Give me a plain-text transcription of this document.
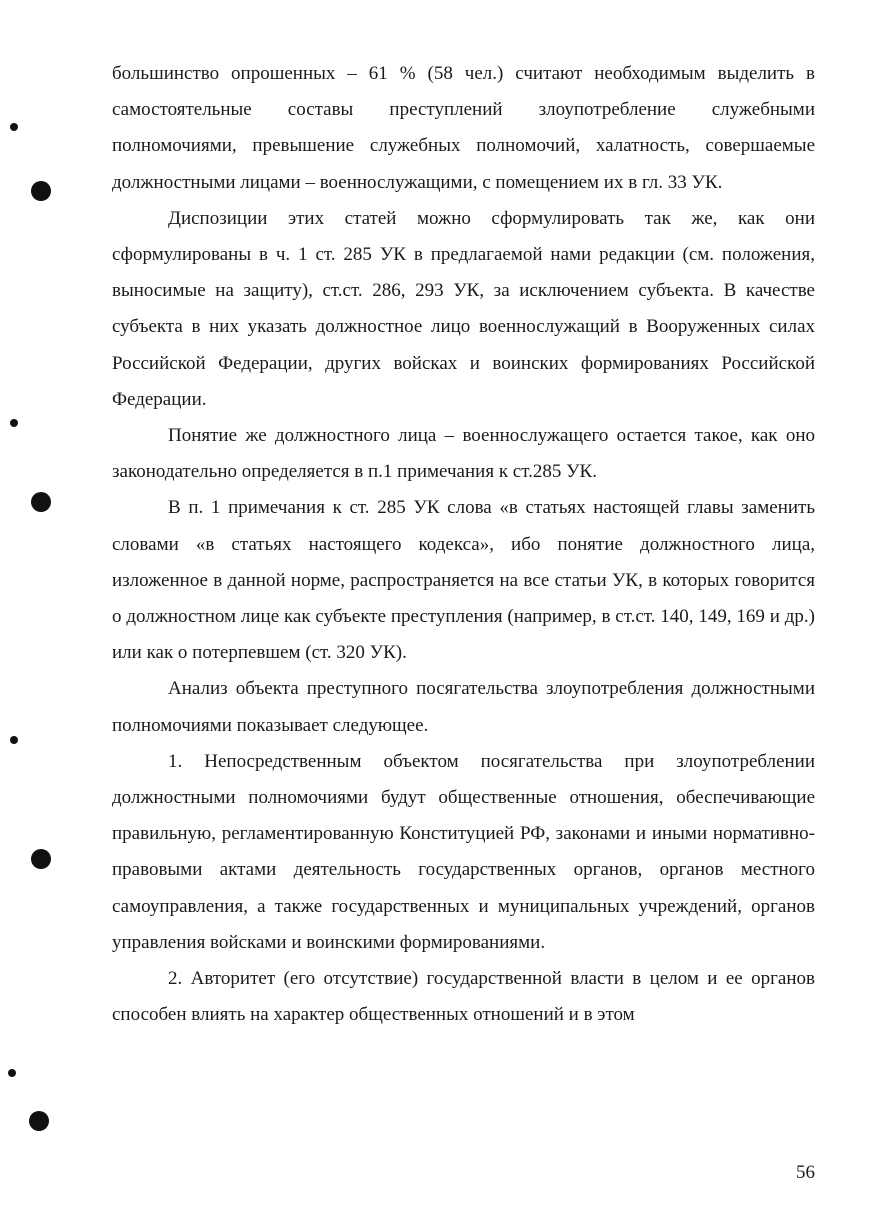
большинство опрошенных – 61 % (58 чел.) считают необходимым выделить в самостоятельные составы преступлений злоупотребление служебными полномочиями, превышение служебных полномочий, халатность, совершаемые должностными лицами – военнослужащими, с помещением их в гл. 33 УК.

Диспозиции этих статей можно сформулировать так же, как они сформулированы в ч. 1 ст. 285 УК в предлагаемой нами редакции (см. положения, выносимые на защиту), ст.ст. 286, 293 УК, за исключением субъекта. В качестве субъекта в них указать должностное лицо военнослужащий в Вооруженных силах Российской Федерации, других войсках и воинских формированиях Российской Федерации.

Понятие же должностного лица – военнослужащего остается такое, как оно законодательно определяется в п.1 примечания к ст.285 УК.

В п. 1 примечания к ст. 285 УК слова «в статьях настоящей главы заменить словами «в статьях настоящего кодекса», ибо понятие должностного лица, изложенное в данной норме, распространяется на все статьи УК, в которых говорится о должностном лице как субъекте преступления (например, в ст.ст. 140, 149, 169 и др.) или как о потерпевшем (ст. 320 УК).

Анализ объекта преступного посягательства злоупотребления должностными полномочиями показывает следующее.

1. Непосредственным объектом посягательства при злоупотреблении должностными полномочиями будут общественные отношения, обеспечивающие правильную, регламентированную Конституцией РФ, законами и иными нормативно-правовыми актами деятельность государственных органов, органов местного самоуправления, а также государственных и муниципальных учреждений, органов управления войсками и воинскими формированиями.

2. Авторитет (его отсутствие) государственной власти в целом и ее органов способен влиять на характер общественных отношений и в этом

56
